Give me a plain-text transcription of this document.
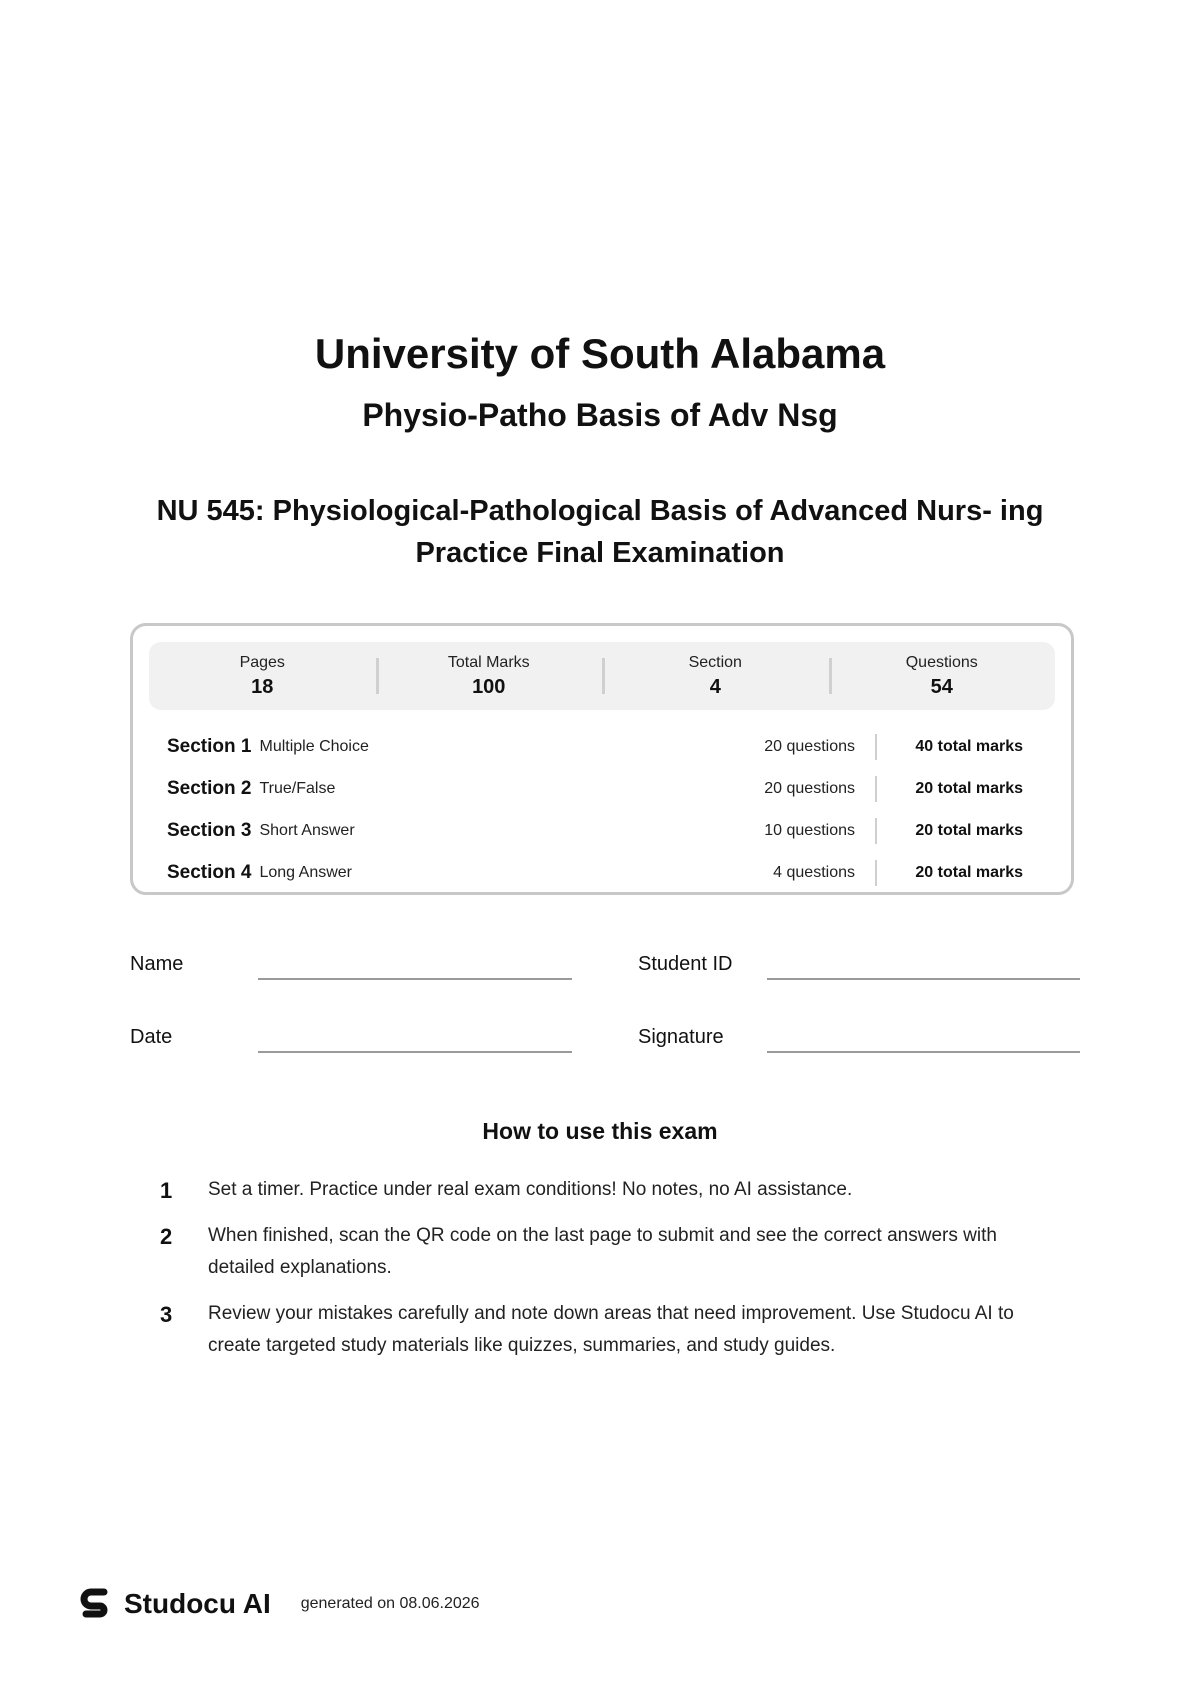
University of South Alabama
Physio-Patho Basis of Adv Nsg
NU 545: Physiological-Pathological Basis of Advanced Nurs- ing Practice Final Examination
Pages
18
Total Marks
100
Section
4
Questions
54
Section 1 Multiple Choice	20 questions	40 total marks
Section 2 True/False	20 questions	20 total marks
Section 3 Short Answer	10 questions	20 total marks
Section 4 Long Answer	4 questions	20 total marks
Name	Student ID
Date	Signature
How to use this exam
1	Set a timer. Practice under real exam conditions! No notes, no AI assistance.
2	When finished, scan the QR code on the last page to submit and see the correct answers with detailed explanations.
3	Review your mistakes carefully and note down areas that need improvement. Use Studocu AI to create targeted study materials like quizzes, summaries, and study guides.
Studocu AI generated on 08.06.2026
